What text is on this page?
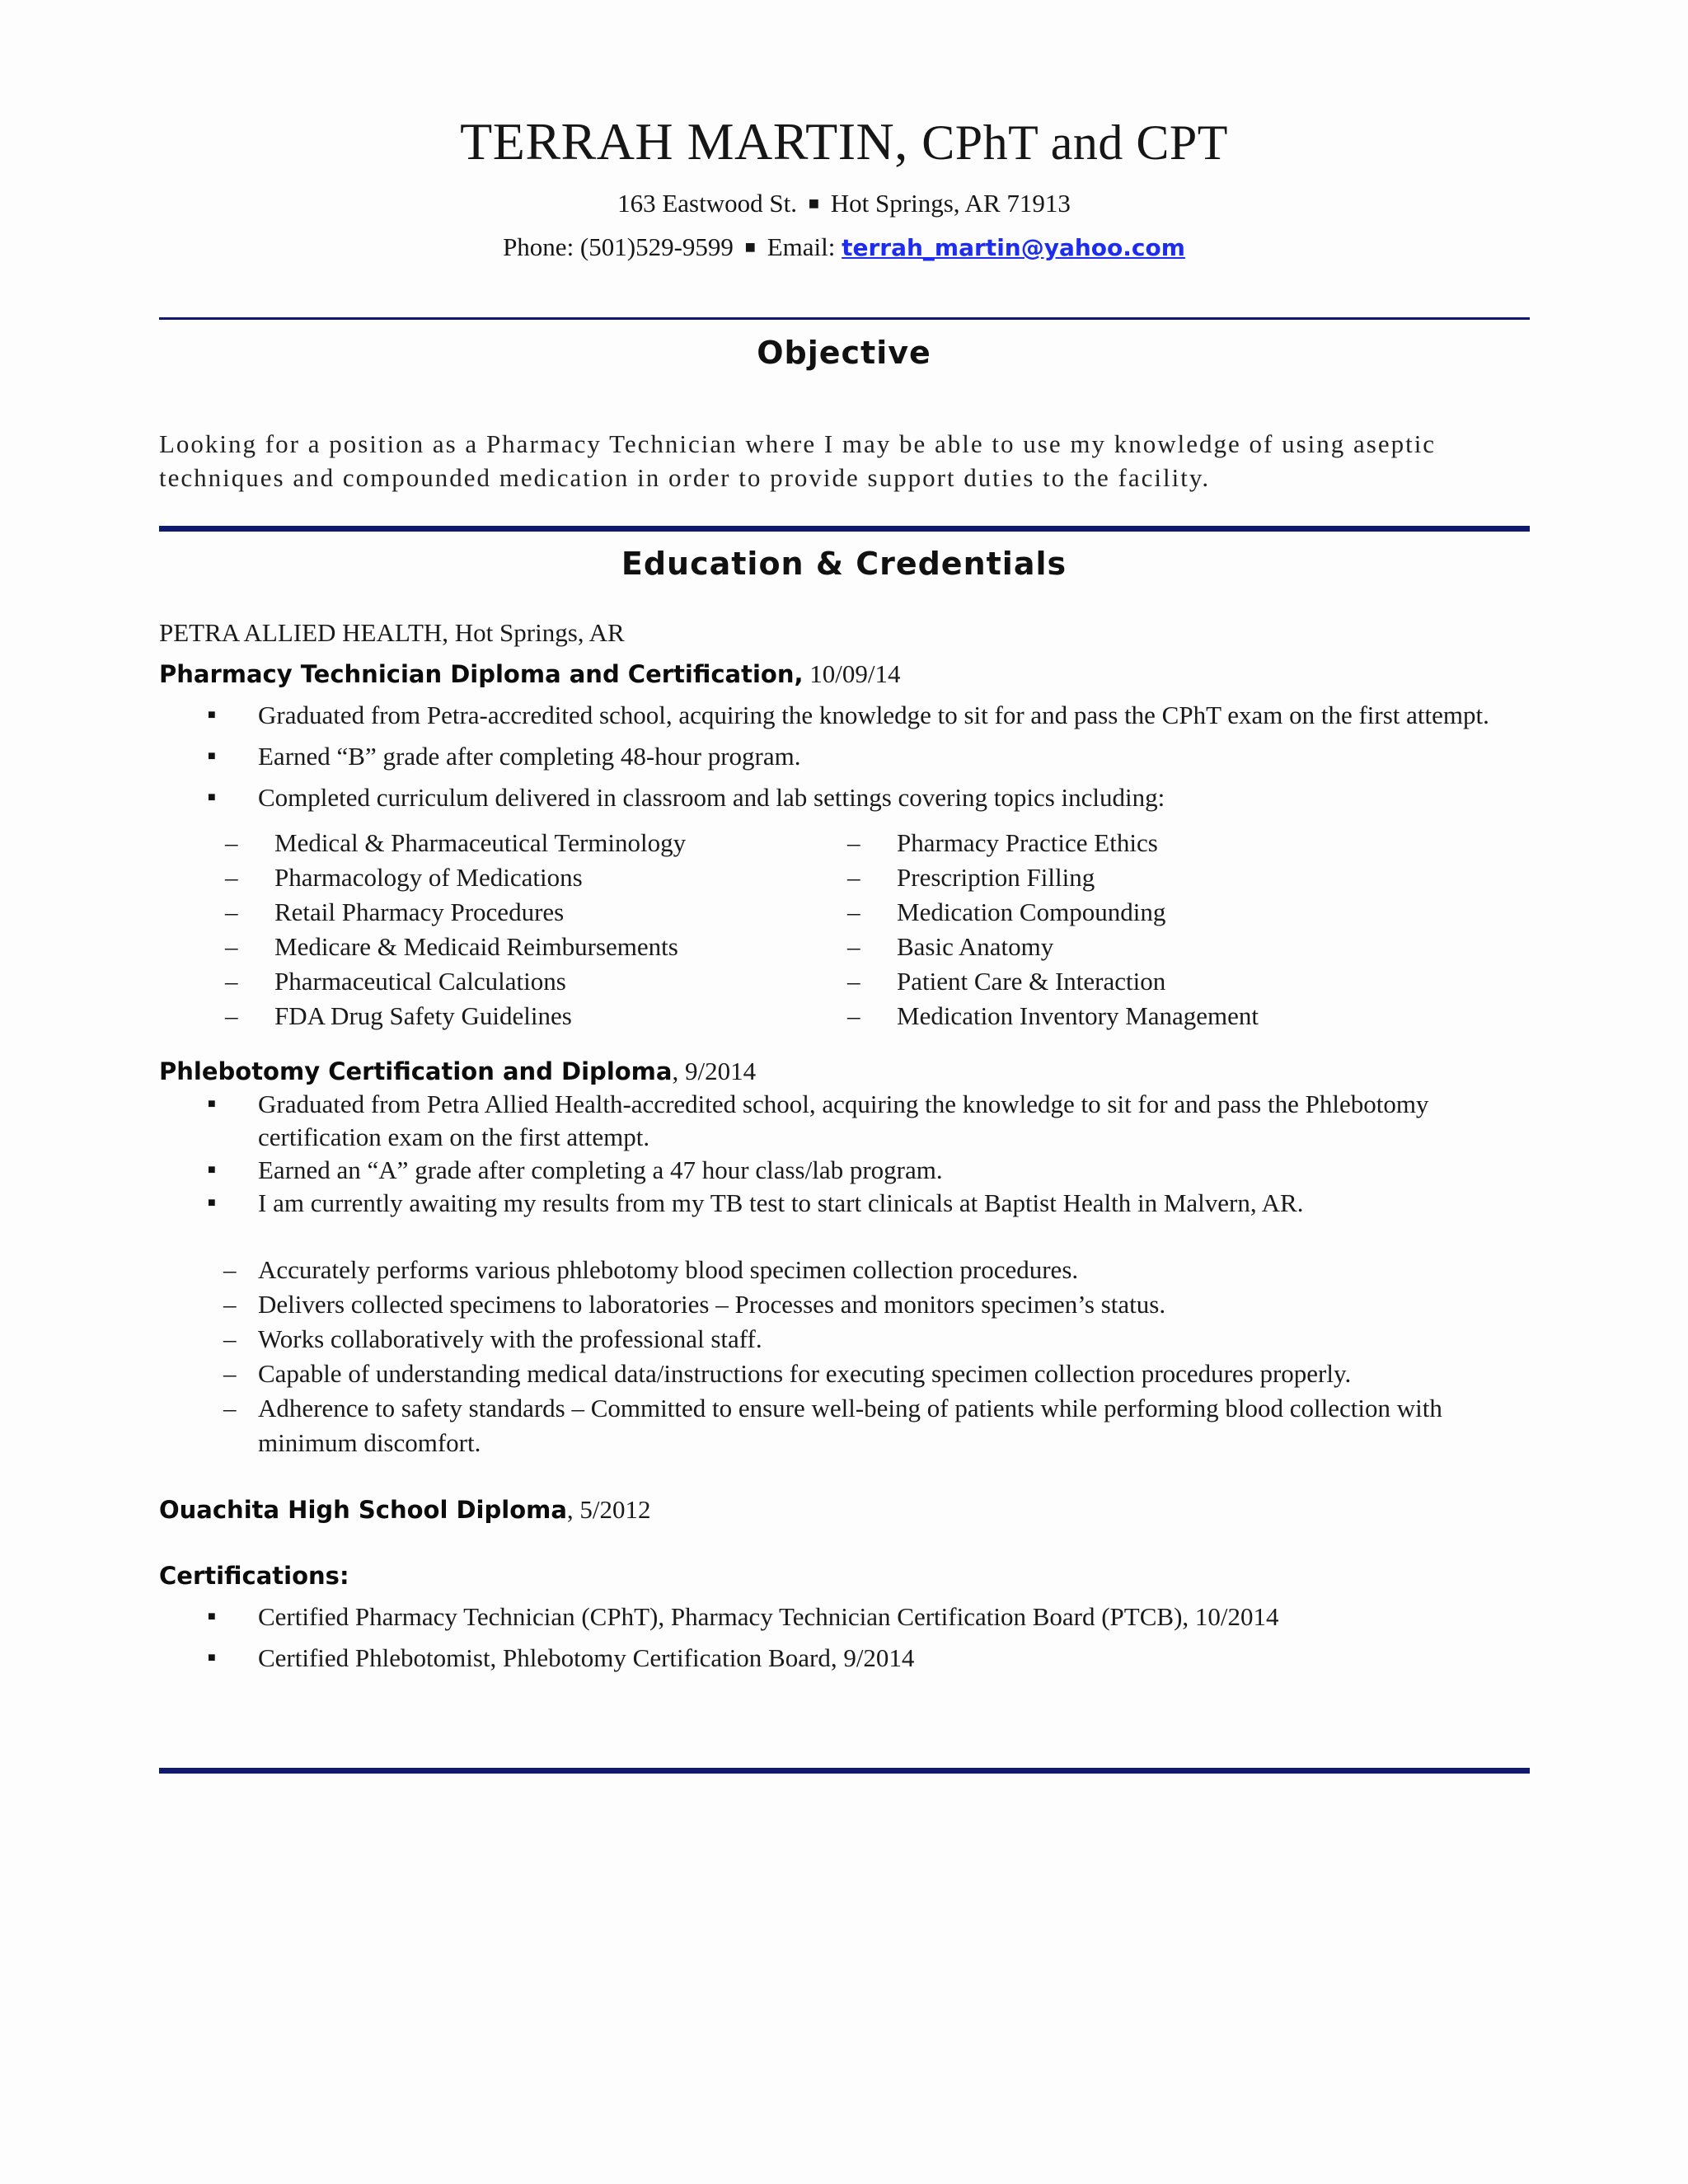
TERRAH MARTIN, CPhT and CPT
163 Eastwood St. ■ Hot Springs, AR 71913
Phone: (501)529-9599 ■ Email: terrah_martin@yahoo.com
Objective
Looking for a position as a Pharmacy Technician where I may be able to use my knowledge of using aseptic techniques and compounded medication in order to provide support duties to the facility.
Education & Credentials
PETRA ALLIED HEALTH, Hot Springs, AR
Pharmacy Technician Diploma and Certification, 10/09/14
■ Graduated from Petra-accredited school, acquiring the knowledge to sit for and pass the CPhT exam on the first attempt.
■ Earned “B” grade after completing 48-hour program.
■ Completed curriculum delivered in classroom and lab settings covering topics including:
– Medical & Pharmaceutical Terminology
– Pharmacology of Medications
– Retail Pharmacy Procedures
– Medicare & Medicaid Reimbursements
– Pharmaceutical Calculations
– FDA Drug Safety Guidelines
– Pharmacy Practice Ethics
– Prescription Filling
– Medication Compounding
– Basic Anatomy
– Patient Care & Interaction
– Medication Inventory Management
Phlebotomy Certification and Diploma, 9/2014
■ Graduated from Petra Allied Health-accredited school, acquiring the knowledge to sit for and pass the Phlebotomy certification exam on the first attempt.
■ Earned an “A” grade after completing a 47 hour class/lab program.
■ I am currently awaiting my results from my TB test to start clinicals at Baptist Health in Malvern, AR.
– Accurately performs various phlebotomy blood specimen collection procedures.
– Delivers collected specimens to laboratories – Processes and monitors specimen’s status.
– Works collaboratively with the professional staff.
– Capable of understanding medical data/instructions for executing specimen collection procedures properly.
– Adherence to safety standards – Committed to ensure well-being of patients while performing blood collection with minimum discomfort.
Ouachita High School Diploma, 5/2012
Certifications:
■ Certified Pharmacy Technician (CPhT), Pharmacy Technician Certification Board (PTCB), 10/2014
■ Certified Phlebotomist, Phlebotomy Certification Board, 9/2014
